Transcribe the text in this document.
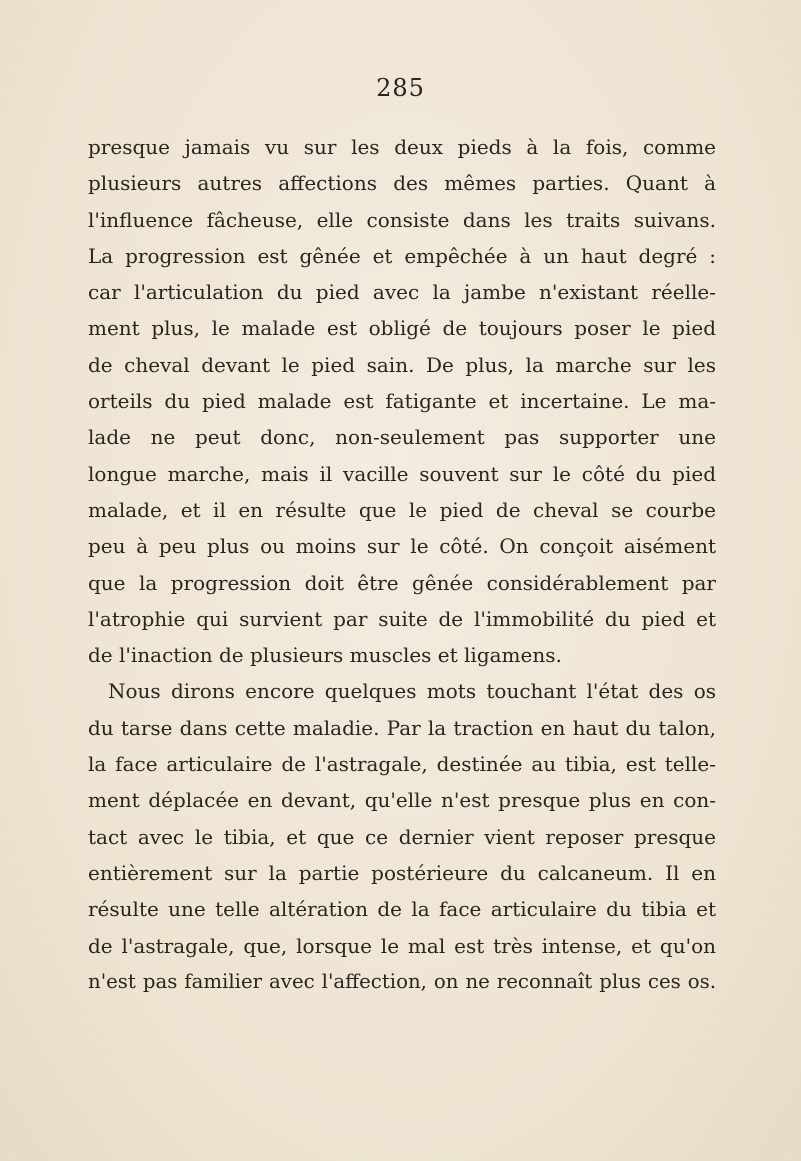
285
presque jamais vu sur les deux pieds à la fois, comme
plusieurs autres affections des mêmes parties. Quant à
l'influence fâcheuse, elle consiste dans les traits suivans.
La progression est gênée et empêchée à un haut degré :
car l'articulation du pied avec la jambe n'existant réelle-
ment plus, le malade est obligé de toujours poser le pied
de cheval devant le pied sain. De plus, la marche sur les
orteils du pied malade est fatigante et incertaine. Le ma-
lade ne peut donc, non-seulement pas supporter une
longue marche, mais il vacille souvent sur le côté du pied
malade, et il en résulte que le pied de cheval se courbe
peu à peu plus ou moins sur le côté. On conçoit aisément
que la progression doit être gênée considérablement par
l'atrophie qui survient par suite de l'immobilité du pied et
de l'inaction de plusieurs muscles et ligamens.
Nous dirons encore quelques mots touchant l'état des os
du tarse dans cette maladie. Par la traction en haut du talon,
la face articulaire de l'astragale, destinée au tibia, est telle-
ment déplacée en devant, qu'elle n'est presque plus en con-
tact avec le tibia, et que ce dernier vient reposer presque
entièrement sur la partie postérieure du calcaneum. Il en
résulte une telle altération de la face articulaire du tibia et
de l'astragale, que, lorsque le mal est très intense, et qu'on
n'est pas familier avec l'affection, on ne reconnaît plus ces os.
